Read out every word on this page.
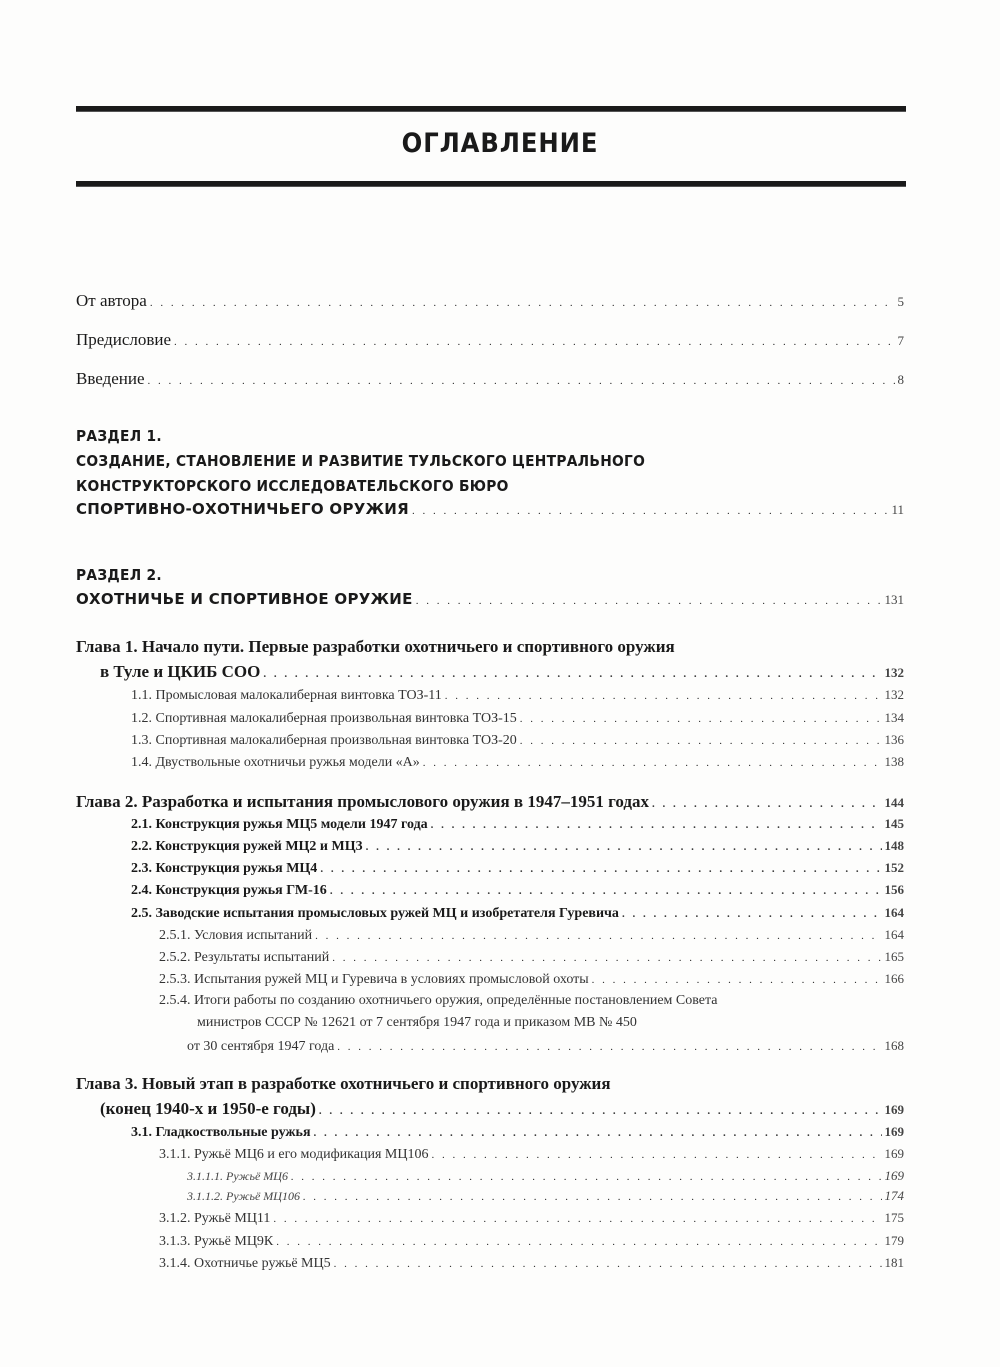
ОГЛАВЛЕНИЕ
От автора . . .	5
Предисловие . . .	7
Введение . . .	8
РАЗДЕЛ 1.
СОЗДАНИЕ, СТАНОВЛЕНИЕ И РАЗВИТИЕ ТУЛЬСКОГО ЦЕНТРАЛЬНОГО
КОНСТРУКТОРСКОГО ИССЛЕДОВАТЕЛЬСКОГО БЮРО
СПОРТИВНО-ОХОТНИЧЬЕГО ОРУЖИЯ . . .	11
РАЗДЕЛ 2.
ОХОТНИЧЬЕ И СПОРТИВНОЕ ОРУЖИЕ . . .	131
Глава 1. Начало пути. Первые разработки охотничьего и спортивного оружия
в Туле и ЦКИБ СОО . . .	132
1.1. Промысловая малокалиберная винтовка ТОЗ-11 . . .	132
1.2. Спортивная малокалиберная произвольная винтовка ТОЗ-15 . . .	134
1.3. Спортивная малокалиберная произвольная винтовка ТОЗ-20 . . .	136
1.4. Двуствольные охотничьи ружья модели «А» . . .	138
Глава 2. Разработка и испытания промыслового оружия в 1947–1951 годах . . .	144
2.1. Конструкция ружья МЦ5 модели 1947 года . . .	145
2.2. Конструкция ружей МЦ2 и МЦ3 . . .	148
2.3. Конструкция ружья МЦ4 . . .	152
2.4. Конструкция ружья ГМ-16 . . .	156
2.5. Заводские испытания промысловых ружей МЦ и изобретателя Гуревича . . .	164
2.5.1. Условия испытаний . . .	164
2.5.2. Результаты испытаний . . .	165
2.5.3. Испытания ружей МЦ и Гуревича в условиях промысловой охоты . . .	166
2.5.4. Итоги работы по созданию охотничьего оружия, определённые постановлением Совета
министров СССР № 12621 от 7 сентября 1947 года и приказом МВ № 450
от 30 сентября 1947 года . . .	168
Глава 3. Новый этап в разработке охотничьего и спортивного оружия
(конец 1940-х и 1950-е годы) . . .	169
3.1. Гладкоствольные ружья . . .	169
3.1.1. Ружьё МЦ6 и его модификация МЦ106 . . .	169
3.1.1.1. Ружьё МЦ6 . . .	169
3.1.1.2. Ружьё МЦ106 . . .	174
3.1.2. Ружьё МЦ11 . . .	175
3.1.3. Ружьё МЦ9К . . .	179
3.1.4. Охотничье ружьё МЦ5 . . .	181
